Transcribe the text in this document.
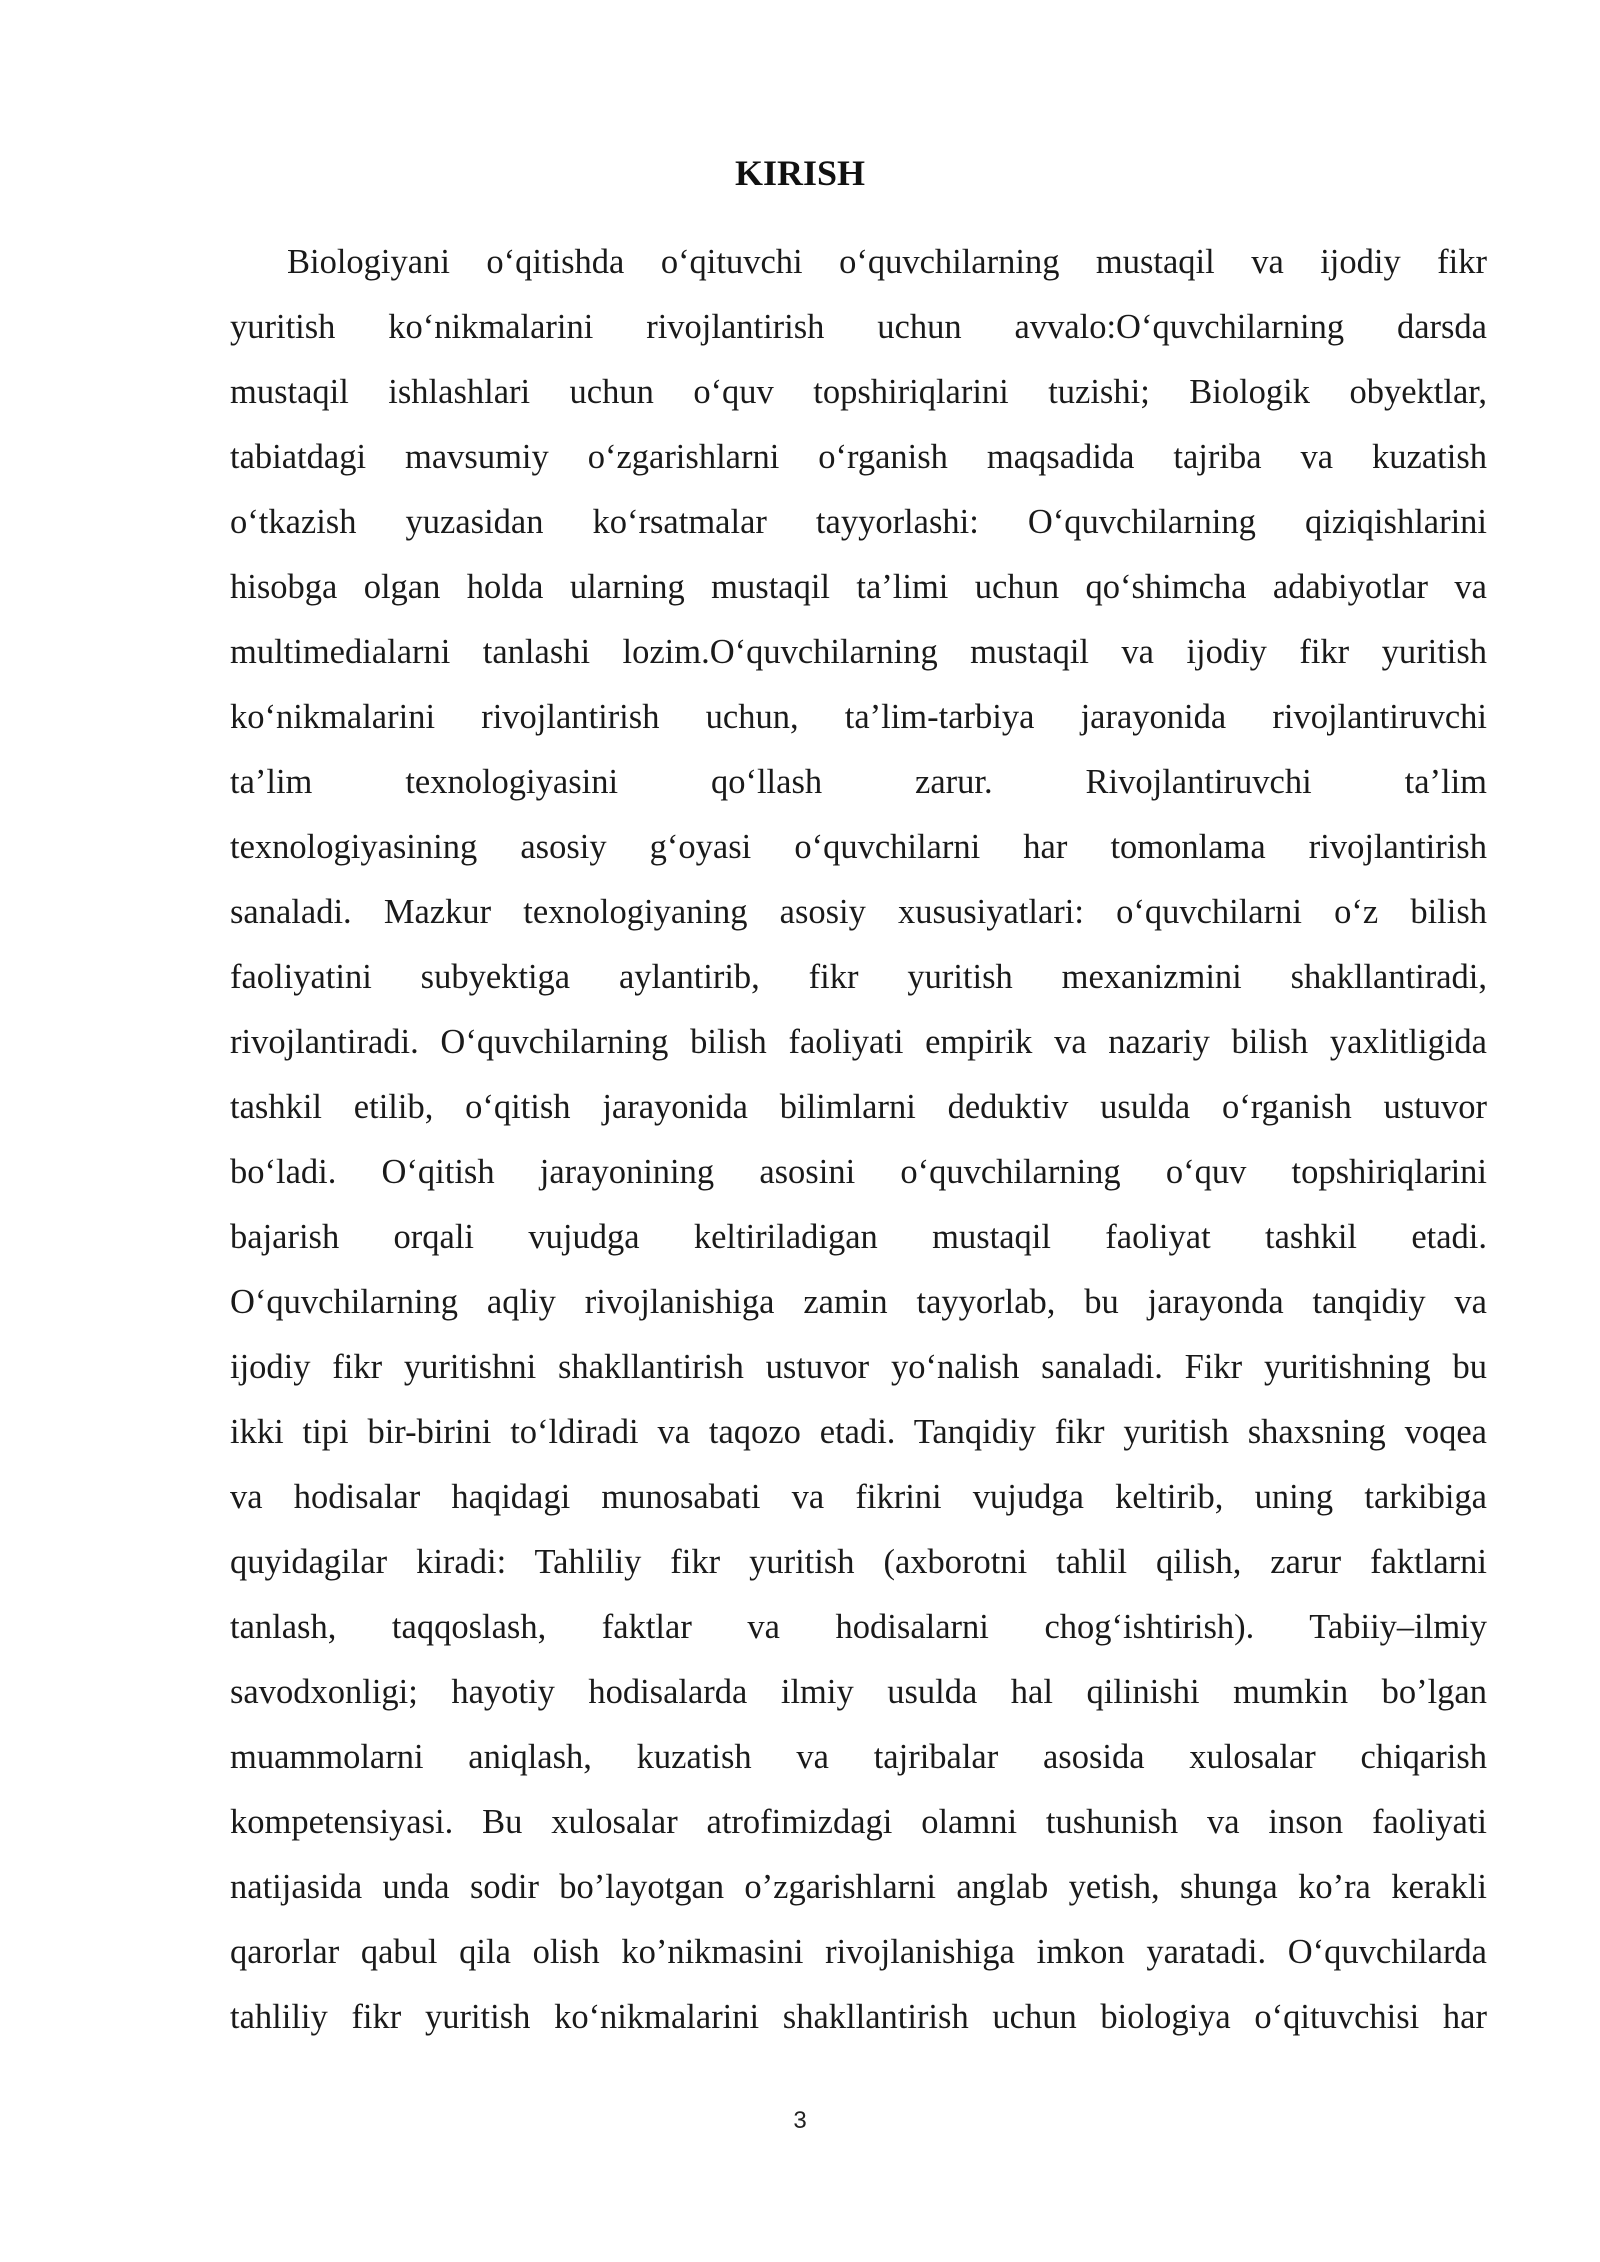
KIRISH
Biologiyani o‘qitishda o‘qituvchi o‘quvchilarning mustaqil va ijodiy fikr
yuritish ko‘nikmalarini rivojlantirish uchun avvalo:O‘quvchilarning darsda
mustaqil ishlashlari uchun o‘quv topshiriqlarini tuzishi; Biologik obyektlar,
tabiatdagi mavsumiy o‘zgarishlarni o‘rganish maqsadida tajriba va kuzatish
o‘tkazish yuzasidan ko‘rsatmalar tayyorlashi: O‘quvchilarning qiziqishlarini
hisobga olgan holda ularning mustaqil ta’limi uchun qo‘shimcha adabiyotlar va
multimedialarni tanlashi lozim.O‘quvchilarning mustaqil va ijodiy fikr yuritish
ko‘nikmalarini rivojlantirish uchun, ta’lim-tarbiya jarayonida rivojlantiruvchi
ta’lim texnologiyasini qo‘llash zarur. Rivojlantiruvchi ta’lim
texnologiyasining asosiy g‘oyasi o‘quvchilarni har tomonlama rivojlantirish
sanaladi. Mazkur texnologiyaning asosiy xususiyatlari: o‘quvchilarni o‘z bilish
faoliyatini subyektiga aylantirib, fikr yuritish mexanizmini shakllantiradi,
rivojlantiradi. O‘quvchilarning bilish faoliyati empirik va nazariy bilish yaxlitligida
tashkil etilib, o‘qitish jarayonida bilimlarni deduktiv usulda o‘rganish ustuvor
bo‘ladi. O‘qitish jarayonining asosini o‘quvchilarning o‘quv topshiriqlarini
bajarish orqali vujudga keltiriladigan mustaqil faoliyat tashkil etadi.
O‘quvchilarning aqliy rivojlanishiga zamin tayyorlab, bu jarayonda tanqidiy va
ijodiy fikr yuritishni shakllantirish ustuvor yo‘nalish sanaladi. Fikr yuritishning bu
ikki tipi bir-birini to‘ldiradi va taqozo etadi. Tanqidiy fikr yuritish shaxsning voqea
va hodisalar haqidagi munosabati va fikrini vujudga keltirib, uning tarkibiga
quyidagilar kiradi: Tahliliy fikr yuritish (axborotni tahlil qilish, zarur faktlarni
tanlash, taqqoslash, faktlar va hodisalarni chog‘ishtirish). Tabiiy–ilmiy
savodxonligi; hayotiy hodisalarda ilmiy usulda hal qilinishi mumkin bo’lgan
muammolarni aniqlash, kuzatish va tajribalar asosida xulosalar chiqarish
kompetensiyasi. Bu xulosalar atrofimizdagi olamni tushunish va inson faoliyati
natijasida unda sodir bo’layotgan o’zgarishlarni anglab yetish, shunga ko’ra kerakli
qarorlar qabul qila olish ko’nikmasini rivojlanishiga imkon yaratadi. O‘quvchilarda
tahliliy fikr yuritish ko‘nikmalarini shakllantirish uchun biologiya o‘qituvchisi har
3
